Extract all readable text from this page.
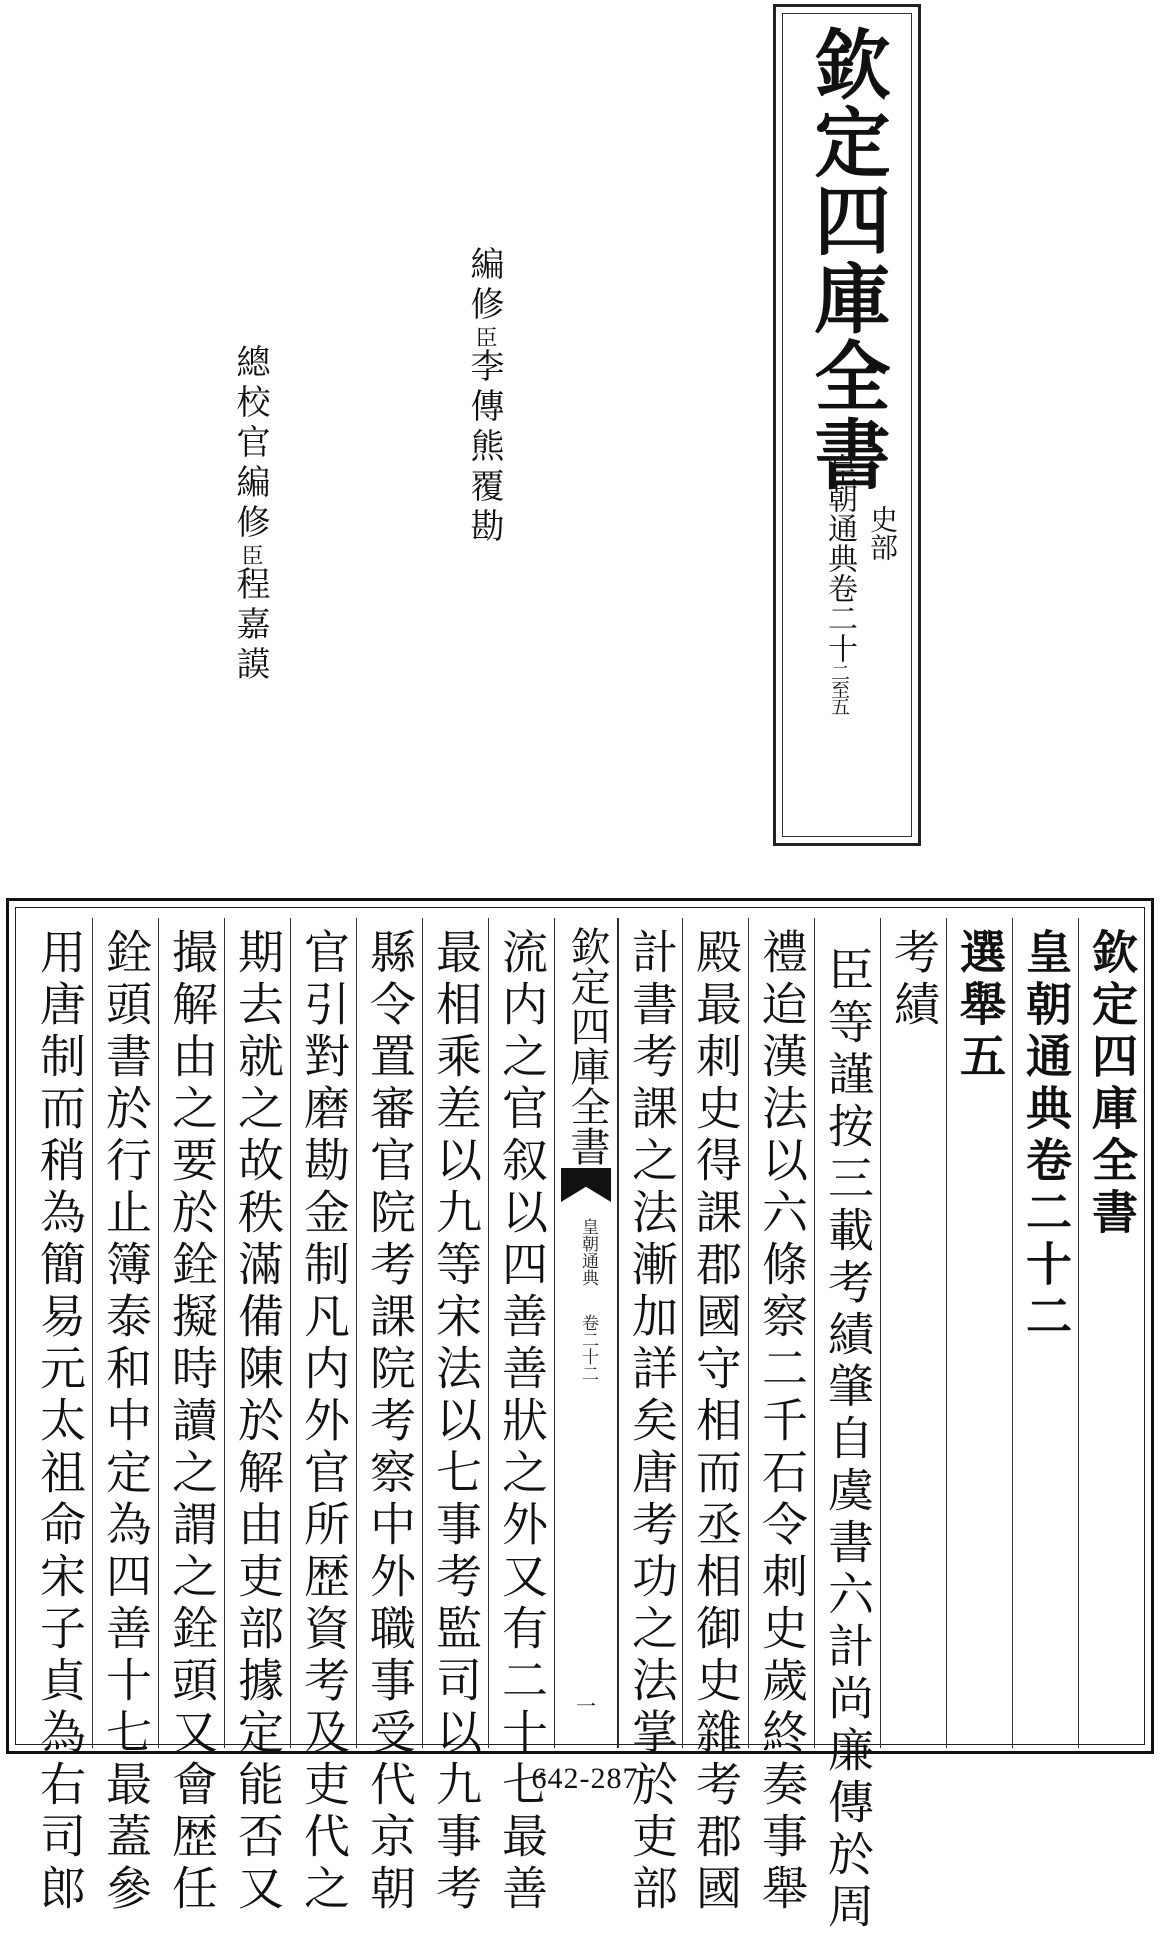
欽定四庫全書
皇朝通典卷二十二至五
史部
編修臣李傳熊覆勘
總校官編修臣程嘉謨
欽定四庫全書
皇朝通典卷二十二
選舉五
考績
臣等謹按三載考績肇自虞書六計尚廉傳於周
禮迨漢法以六條察二千石令刺史歲終奏事舉
殿最刺史得課郡國守相而丞相御史雜考郡國
計書考課之法漸加詳矣唐考功之法掌於吏部
欽定四庫全書
皇朝通典
卷二十二
一
流内之官叙以四善善狀之外又有二十七最善
最相乘差以九等宋法以七事考監司以九事考
縣令置審官院考課院考察中外職事受代京朝
官引對磨勘金制凡内外官所歴資考及吏代之
期去就之故秩滿備陳於解由吏部據定能否又
撮解由之要於銓擬時讀之謂之銓頭又會歴任
銓頭書於行止簿泰和中定為四善十七最蓋參
用唐制而稍為簡易元太祖命宋子貞為右司郎	642-287
